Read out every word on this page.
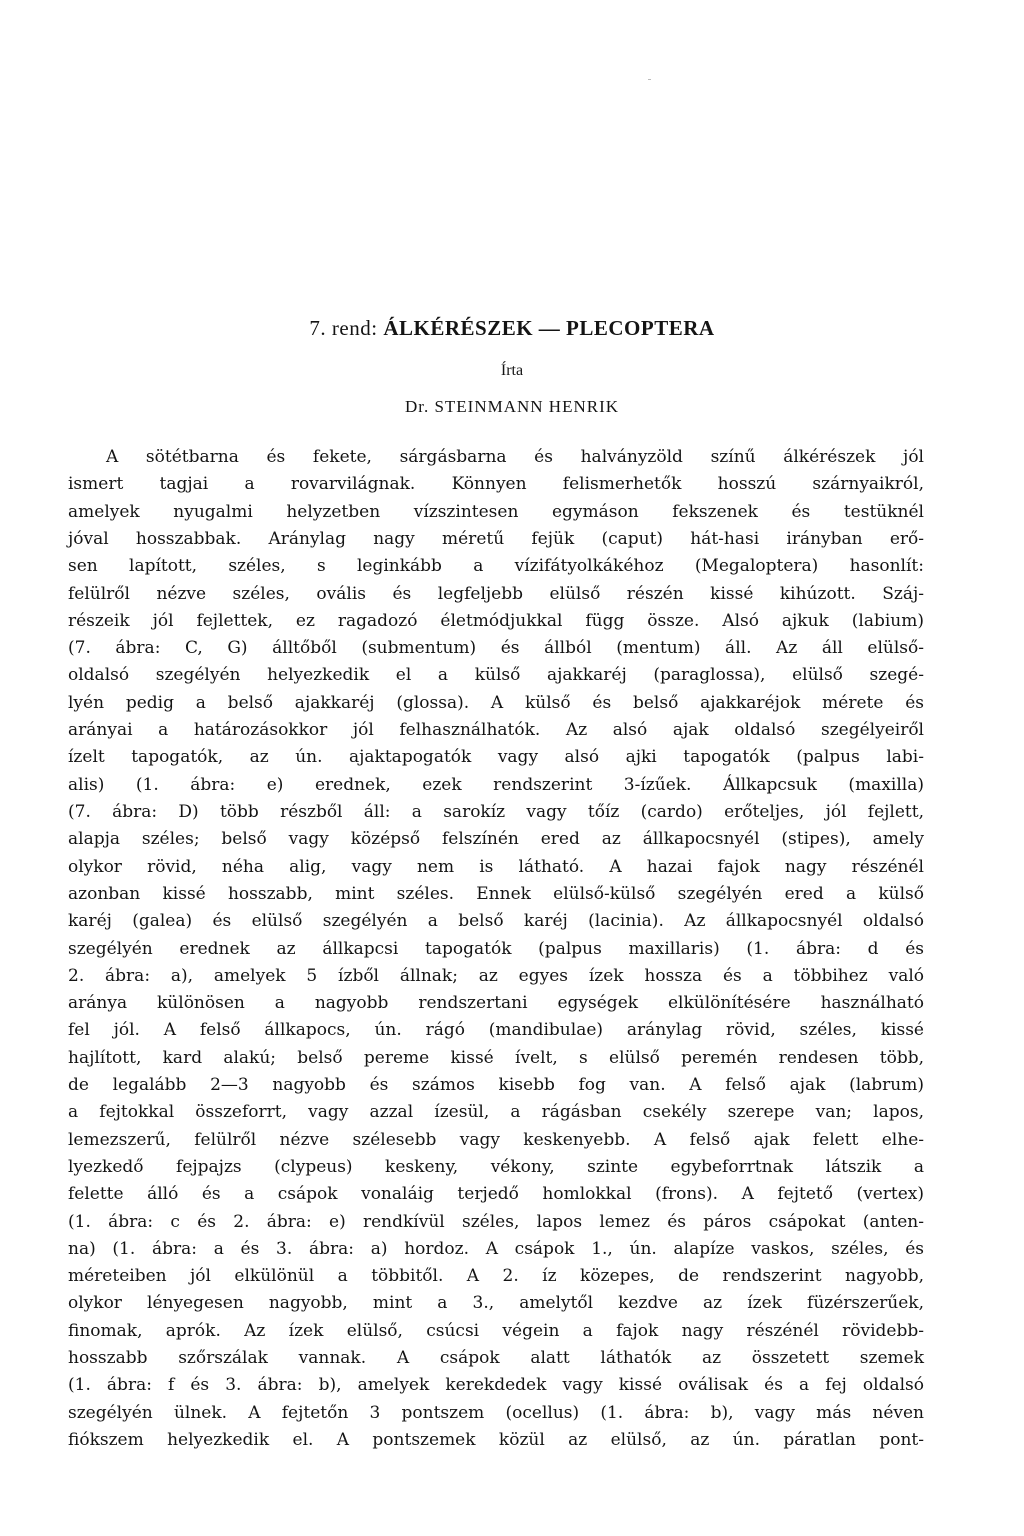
7. rend: ÁLKÉRÉSZEK — PLECOPTERA
Írta
Dr. STEINMANN HENRIK
A sötétbarna és fekete, sárgásbarna és halványzöld színű álkérészek jól
ismert tagjai a rovarvilágnak. Könnyen felismerhetők hosszú szárnyaikról,
amelyek nyugalmi helyzetben vízszintesen egymáson fekszenek és testüknél
jóval hosszabbak. Aránylag nagy méretű fejük (caput) hát-hasi irányban erő-
sen lapított, széles, s leginkább a vízifátyolkákéhoz (Megaloptera) hasonlít:
felülről nézve széles, ovális és legfeljebb elülső részén kissé kihúzott. Száj-
részeik jól fejlettek, ez ragadozó életmódjukkal függ össze. Alsó ajkuk (labium)
(7. ábra: C, G) álltőből (submentum) és állból (mentum) áll. Az áll elülső-
oldalsó szegélyén helyezkedik el a külső ajakkaréj (paraglossa), elülső szegé-
lyén pedig a belső ajakkaréj (glossa). A külső és belső ajakkaréjok mérete és
arányai a határozásokkor jól felhasználhatók. Az alsó ajak oldalsó szegélyeiről
ízelt tapogatók, az ún. ajaktapogatók vagy alsó ajki tapogatók (palpus labi-
alis) (1. ábra: e) erednek, ezek rendszerint 3-ízűek. Állkapcsuk (maxilla)
(7. ábra: D) több részből áll: a sarokíz vagy tőíz (cardo) erőteljes, jól fejlett,
alapja széles; belső vagy középső felszínén ered az állkapocsnyél (stipes), amely
olykor rövid, néha alig, vagy nem is látható. A hazai fajok nagy részénél
azonban kissé hosszabb, mint széles. Ennek elülső-külső szegélyén ered a külső
karéj (galea) és elülső szegélyén a belső karéj (lacinia). Az állkapocsnyél oldalsó
szegélyén erednek az állkapcsi tapogatók (palpus maxillaris) (1. ábra: d és
2. ábra: a), amelyek 5 ízből állnak; az egyes ízek hossza és a többihez való
aránya különösen a nagyobb rendszertani egységek elkülönítésére használható
fel jól. A felső állkapocs, ún. rágó (mandibulae) aránylag rövid, széles, kissé
hajlított, kard alakú; belső pereme kissé ívelt, s elülső peremén rendesen több,
de legalább 2—3 nagyobb és számos kisebb fog van. A felső ajak (labrum)
a fejtokkal összeforrt, vagy azzal ízesül, a rágásban csekély szerepe van; lapos,
lemezszerű, felülről nézve szélesebb vagy keskenyebb. A felső ajak felett elhe-
lyezkedő fejpajzs (clypeus) keskeny, vékony, szinte egybeforrtnak látszik a
felette álló és a csápok vonaláig terjedő homlokkal (frons). A fejtető (vertex)
(1. ábra: c és 2. ábra: e) rendkívül széles, lapos lemez és páros csápokat (anten-
na) (1. ábra: a és 3. ábra: a) hordoz. A csápok 1., ún. alapíze vaskos, széles, és
méreteiben jól elkülönül a többitől. A 2. íz közepes, de rendszerint nagyobb,
olykor lényegesen nagyobb, mint a 3., amelytől kezdve az ízek füzérszerűek,
finomak, aprók. Az ízek elülső, csúcsi végein a fajok nagy részénél rövidebb-
hosszabb szőrszálak vannak. A csápok alatt láthatók az összetett szemek
(1. ábra: f és 3. ábra: b), amelyek kerekdedek vagy kissé oválisak és a fej oldalsó
szegélyén ülnek. A fejtetőn 3 pontszem (ocellus) (1. ábra: b), vagy más néven
fiókszem helyezkedik el. A pontszemek közül az elülső, az ún. páratlan pont-
